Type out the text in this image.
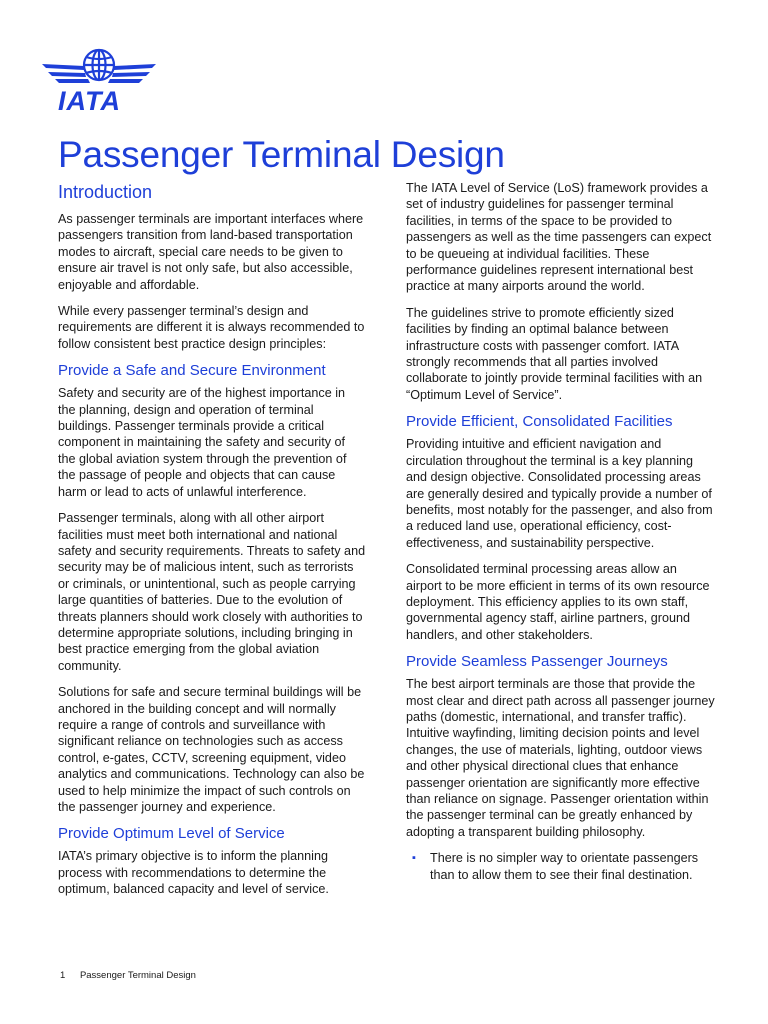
IATA
Passenger Terminal Design
Introduction

As passenger terminals are important interfaces where passengers transition from land-based transportation modes to aircraft, special care needs to be given to ensure air travel is not only safe, but also accessible, enjoyable and affordable.

While every passenger terminal’s design and requirements are different it is always recommended to follow consistent best practice design principles:

Provide a Safe and Secure Environment

Safety and security are of the highest importance in the planning, design and operation of terminal buildings. Passenger terminals provide a critical component in maintaining the safety and security of the global aviation system through the prevention of the passage of people and objects that can cause harm or lead to acts of unlawful interference.

Passenger terminals, along with all other airport facilities must meet both international and national safety and security requirements. Threats to safety and security may be of malicious intent, such as terrorists or criminals, or unintentional, such as people carrying large quantities of batteries. Due to the evolution of threats planners should work closely with authorities to determine appropriate solutions, including bringing in best practice emerging from the global aviation community.

Solutions for safe and secure terminal buildings will be anchored in the building concept and will normally require a range of controls and surveillance with significant reliance on technologies such as access control, e-gates, CCTV, screening equipment, video analytics and communications. Technology can also be used to help minimize the impact of such controls on the passenger journey and experience.

Provide Optimum Level of Service

IATA’s primary objective is to inform the planning process with recommendations to determine the optimum, balanced capacity and level of service.

The IATA Level of Service (LoS) framework provides a set of industry guidelines for passenger terminal facilities, in terms of the space to be provided to passengers as well as the time passengers can expect to be queueing at individual facilities. These performance guidelines represent international best practice at many airports around the world.

The guidelines strive to promote efficiently sized facilities by finding an optimal balance between infrastructure costs with passenger comfort. IATA strongly recommends that all parties involved collaborate to jointly provide terminal facilities with an “Optimum Level of Service”.

Provide Efficient, Consolidated Facilities

Providing intuitive and efficient navigation and circulation throughout the terminal is a key planning and design objective. Consolidated processing areas are generally desired and typically provide a number of benefits, most notably for the passenger, and also from a reduced land use, operational efficiency, cost-effectiveness, and sustainability perspective.

Consolidated terminal processing areas allow an airport to be more efficient in terms of its own resource deployment. This efficiency applies to its own staff, governmental agency staff, airline partners, ground handlers, and other stakeholders.

Provide Seamless Passenger Journeys

The best airport terminals are those that provide the most clear and direct path across all passenger journey paths (domestic, international, and transfer traffic). Intuitive wayfinding, limiting decision points and level changes, the use of materials, lighting, outdoor views and other physical directional clues that enhance passenger orientation are significantly more effective than reliance on signage. Passenger orientation within the passenger terminal can be greatly enhanced by adopting a transparent building philosophy.

▪ There is no simpler way to orientate passengers than to allow them to see their final destination.
1 Passenger Terminal Design
